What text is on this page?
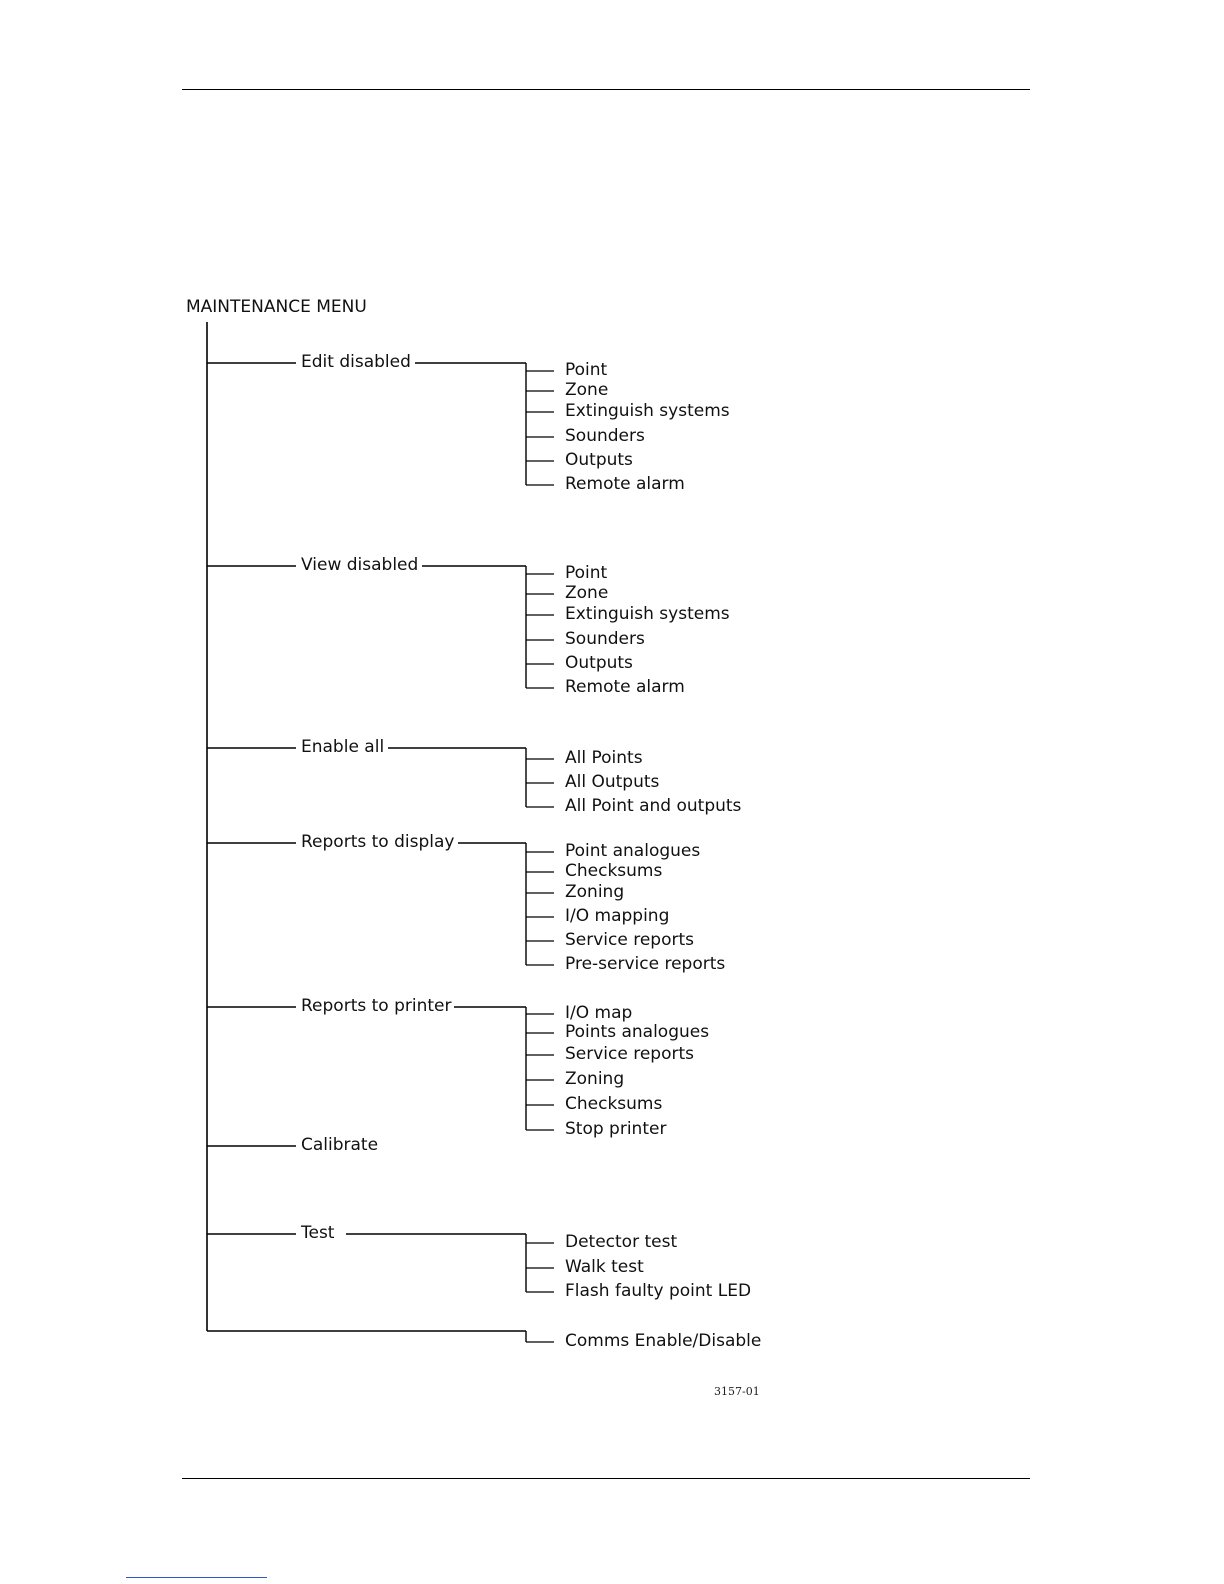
MAINTENANCE MENU
Edit disabled	Point
Zone
Extinguish systems
Sounders
Outputs
Remote alarm
View disabled	Point
Zone
Extinguish systems
Sounders
Outputs
Remote alarm
Enable all
All Points
All Outputs
All Point and outputs
Reports to display	Point analogues
Checksums
Zoning
I/O mapping
Service reports
Pre-service reports
Reports to printer	I/O map
Points analogues
Service reports
Zoning
Checksums
Stop printer
Calibrate
Test	Detector test
Walk test
Flash faulty point LED
Comms Enable/Disable
3157-01
